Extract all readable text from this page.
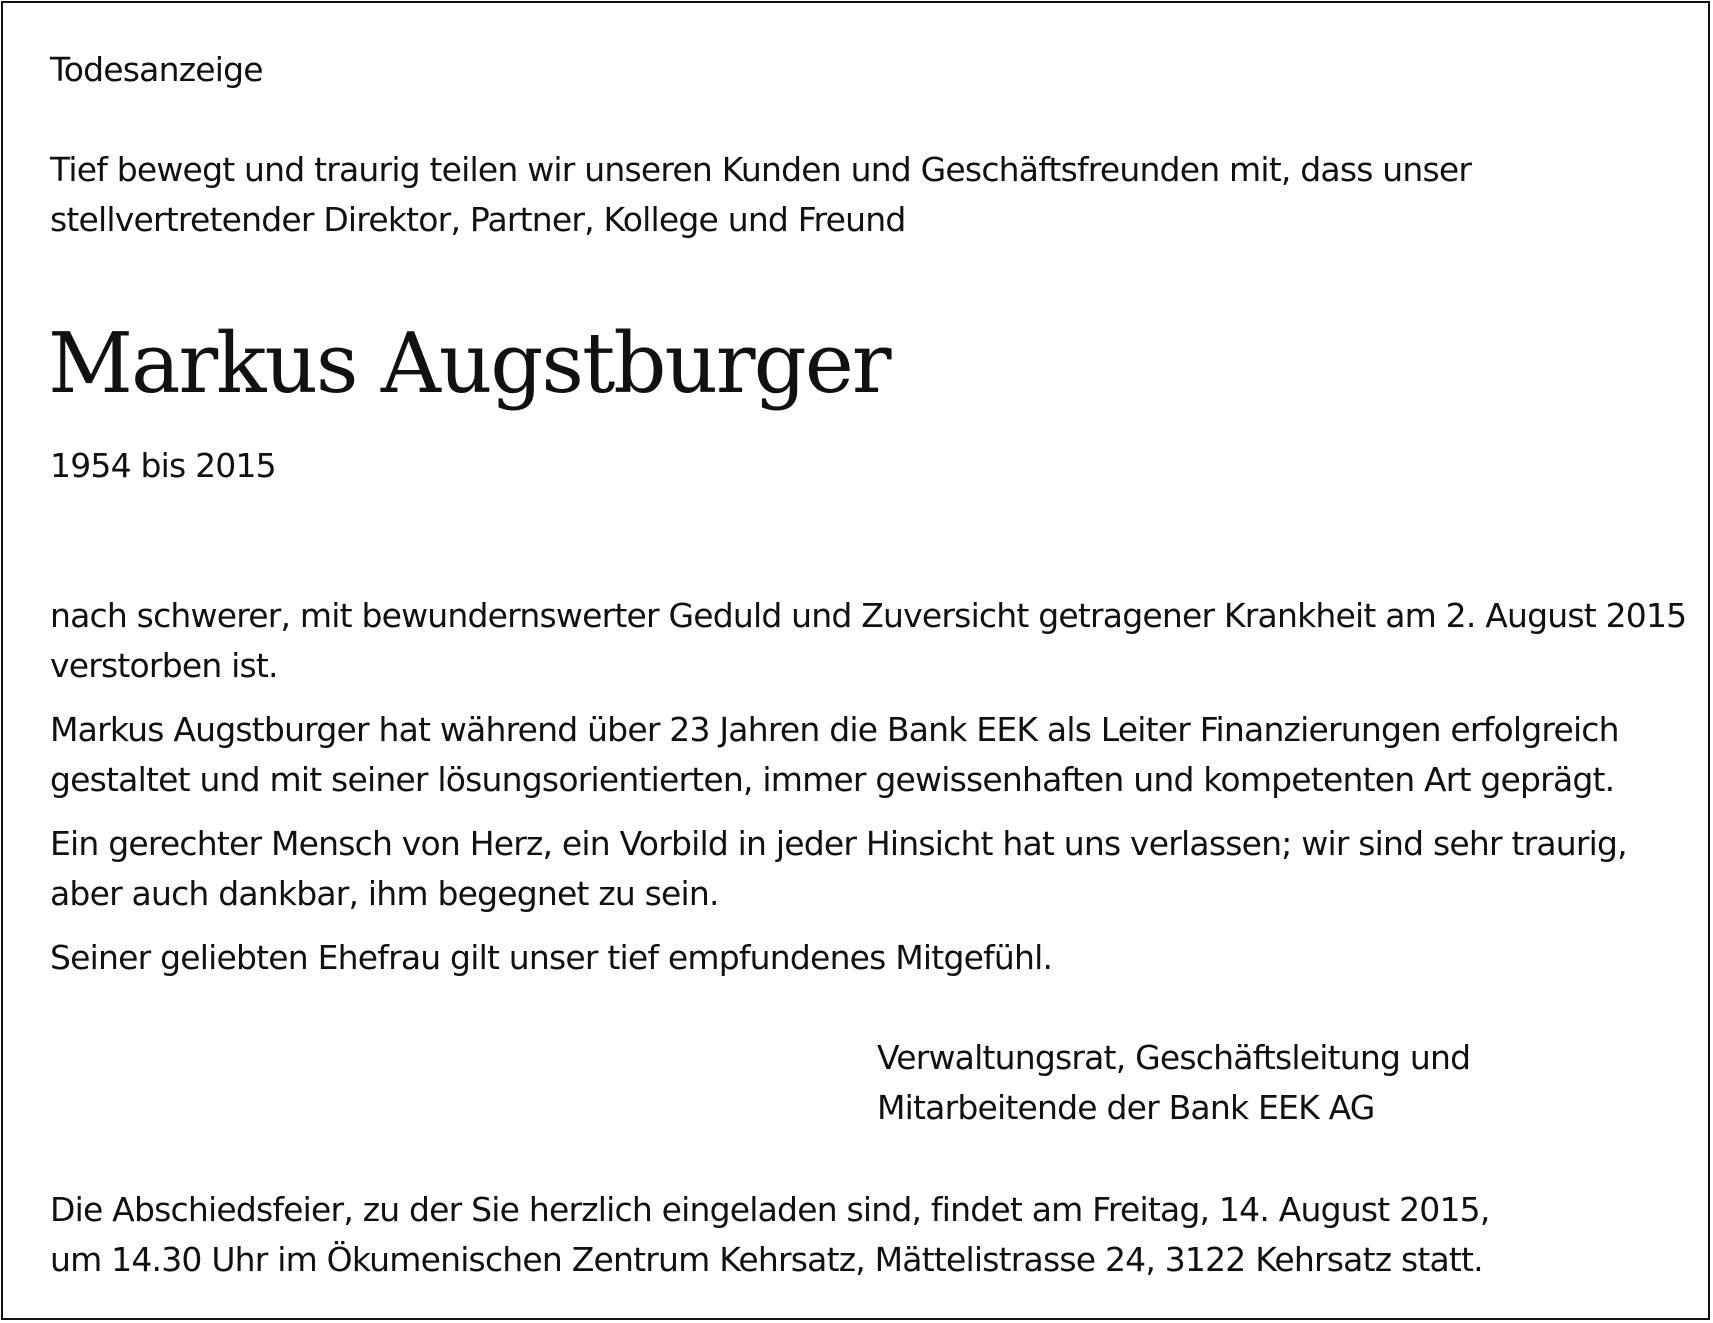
Todesanzeige
Tief bewegt und traurig teilen wir unseren Kunden und Geschäftsfreunden mit, dass unser
stellvertretender Direktor, Partner, Kollege und Freund
Markus Augstburger
1954 bis 2015
nach schwerer, mit bewundernswerter Geduld und Zuversicht getragener Krankheit am 2. August 2015
verstorben ist.
Markus Augstburger hat während über 23 Jahren die Bank EEK als Leiter Finanzierungen erfolgreich
gestaltet und mit seiner lösungsorientierten, immer gewissenhaften und kompetenten Art geprägt.
Ein gerechter Mensch von Herz, ein Vorbild in jeder Hinsicht hat uns verlassen; wir sind sehr traurig,
aber auch dankbar, ihm begegnet zu sein.
Seiner geliebten Ehefrau gilt unser tief empfundenes Mitgefühl.
Verwaltungsrat, Geschäftsleitung und
Mitarbeitende der Bank EEK AG
Die Abschiedsfeier, zu der Sie herzlich eingeladen sind, findet am Freitag, 14. August 2015,
um 14.30 Uhr im Ökumenischen Zentrum Kehrsatz, Mättelistrasse 24, 3122 Kehrsatz statt.
